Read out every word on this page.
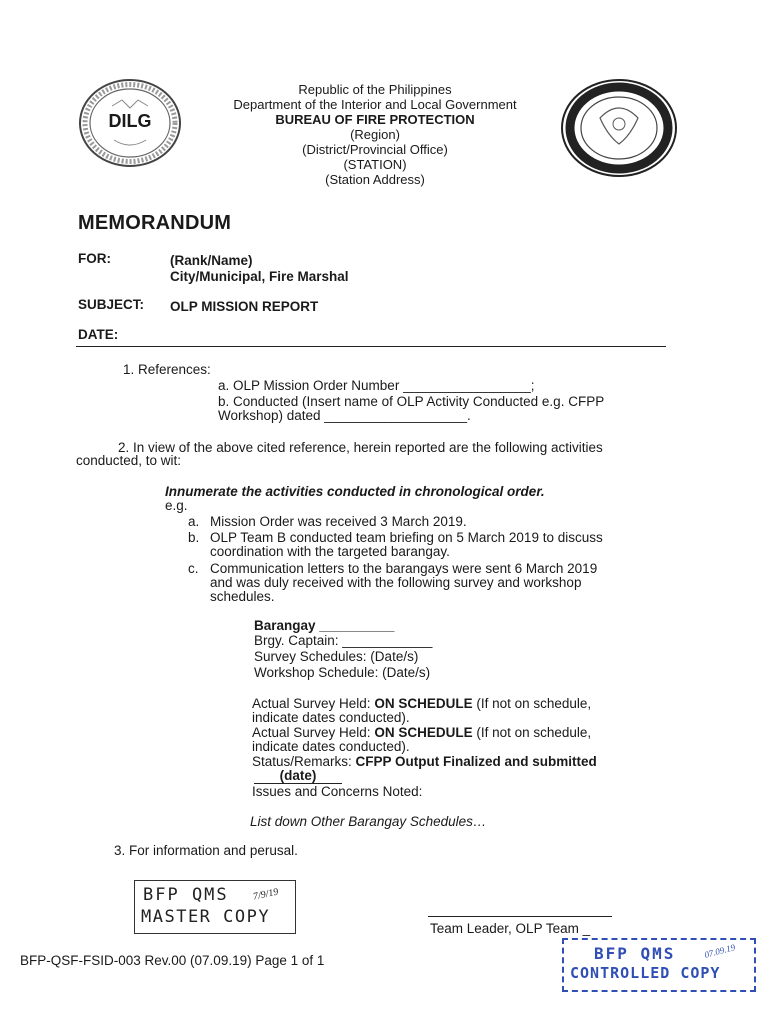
DILG
Republic of the Philippines
Department of the Interior and Local Government
BUREAU OF FIRE PROTECTION
(Region)
(District/Provincial Office)
(STATION)
(Station Address)
MEMORANDUM
FOR:	(Rank/Name)
City/Municipal, Fire Marshal
SUBJECT: OLP MISSION REPORT
DATE:
1. References:
a. OLP Mission Order Number _________________;
b. Conducted (Insert name of OLP Activity Conducted e.g. CFPP
Workshop) dated ___________________.
2. In view of the above cited reference, herein reported are the following activities
conducted, to wit:
Innumerate the activities conducted in chronological order.
e.g.
a. Mission Order was received 3 March 2019.
b. OLP Team B conducted team briefing on 5 March 2019 to discuss
coordination with the targeted barangay.
c. Communication letters to the barangays were sent 6 March 2019
and was duly received with the following survey and workshop
schedules.
Barangay __________
Brgy. Captain: ____________
Survey Schedules: (Date/s)
Workshop Schedule: (Date/s)
Actual Survey Held: ON SCHEDULE (If not on schedule,
indicate dates conducted).
Actual Survey Held: ON SCHEDULE (If not on schedule,
indicate dates conducted).
Status/Remarks: CFPP Output Finalized and submitted
(date)
Issues and Concerns Noted:
List down Other Barangay Schedules…
3. For information and perusal.
BFP QMS
MASTER COPY
7/9/19
Team Leader, OLP Team _
BFP QMS
CONTROLLED COPY
07.09.19
BFP-QSF-FSID-003 Rev.00 (07.09.19) Page 1 of 1
